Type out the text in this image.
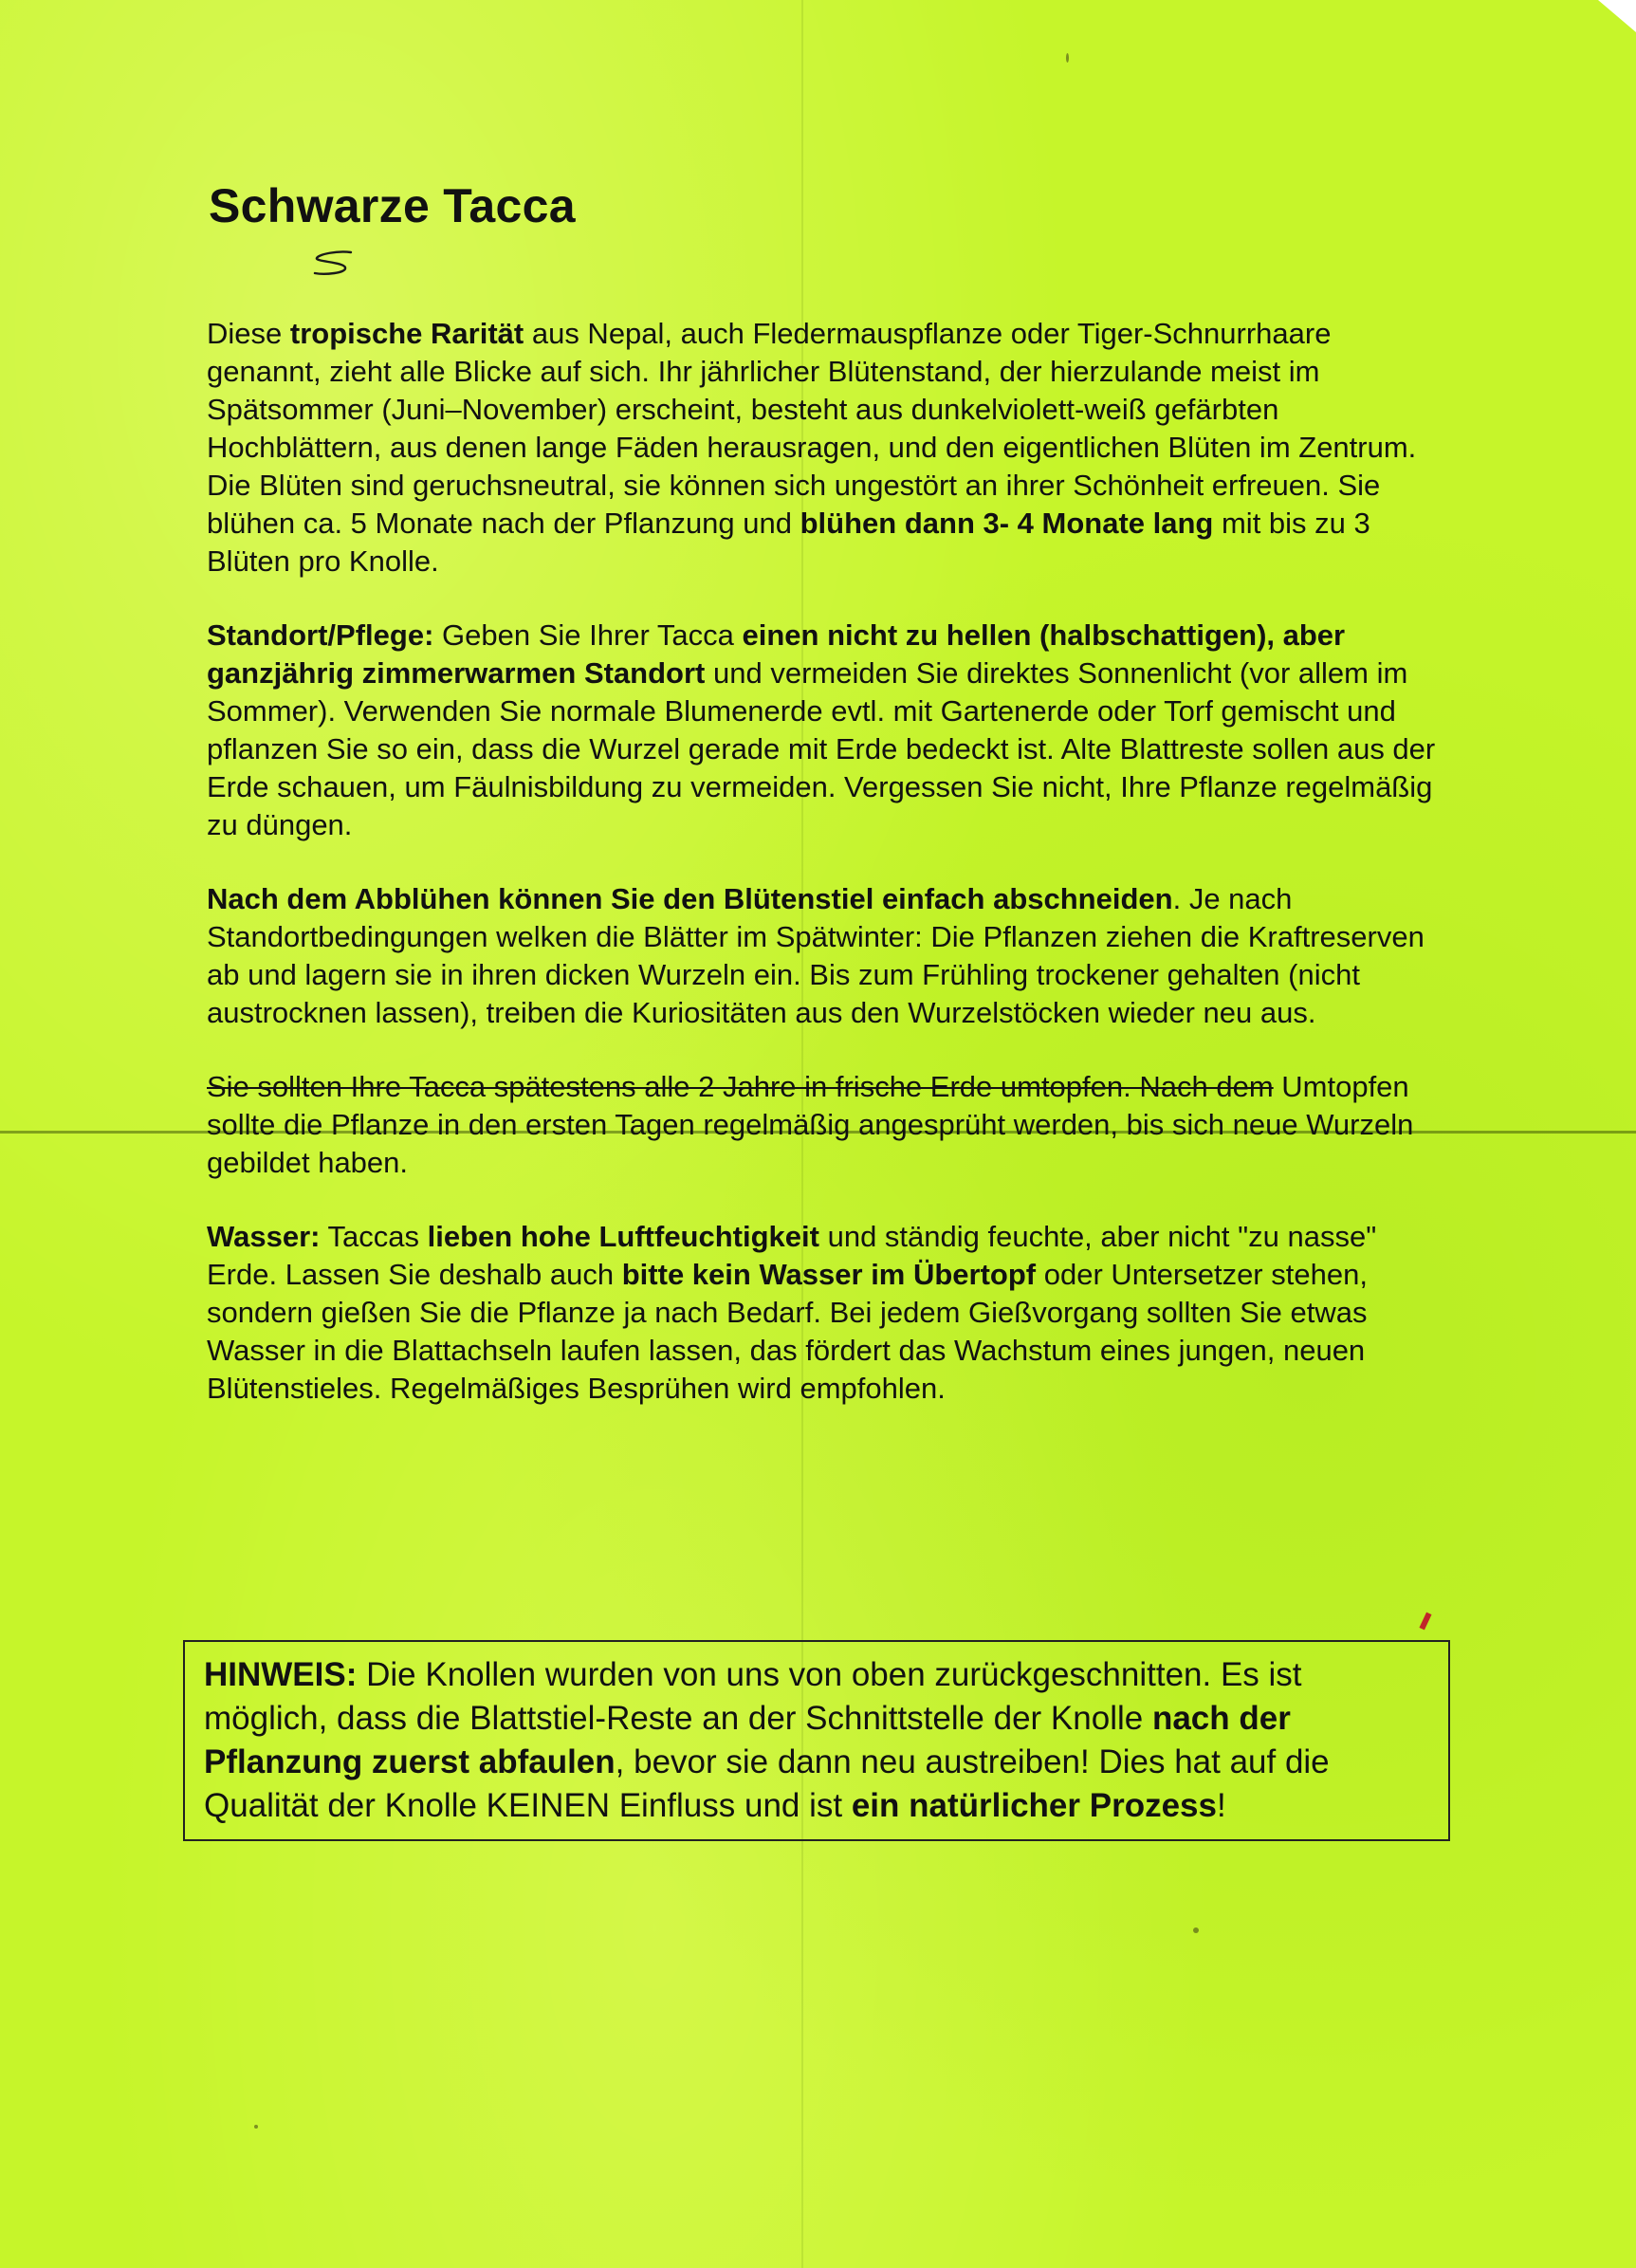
Schwarze Tacca

Diese tropische Rarität aus Nepal, auch Fledermauspflanze oder Tiger-Schnurrhaare genannt, zieht alle Blicke auf sich. Ihr jährlicher Blütenstand, der hierzulande meist im Spätsommer (Juni–November) erscheint, besteht aus dunkelviolett-weiß gefärbten Hochblättern, aus denen lange Fäden herausragen, und den eigentlichen Blüten im Zentrum. Die Blüten sind geruchsneutral, sie können sich ungestört an ihrer Schönheit erfreuen. Sie blühen ca. 5 Monate nach der Pflanzung und blühen dann 3- 4 Monate lang mit bis zu 3 Blüten pro Knolle.

Standort/Pflege: Geben Sie Ihrer Tacca einen nicht zu hellen (halbschattigen), aber ganzjährig zimmerwarmen Standort und vermeiden Sie direktes Sonnenlicht (vor allem im Sommer). Verwenden Sie normale Blumenerde evtl. mit Gartenerde oder Torf gemischt und pflanzen Sie so ein, dass die Wurzel gerade mit Erde bedeckt ist. Alte Blattreste sollen aus der Erde schauen, um Fäulnisbildung zu vermeiden. Vergessen Sie nicht, Ihre Pflanze regelmäßig zu düngen.

Nach dem Abblühen können Sie den Blütenstiel einfach abschneiden. Je nach Standortbedingungen welken die Blätter im Spätwinter: Die Pflanzen ziehen die Kraftreserven ab und lagern sie in ihren dicken Wurzeln ein. Bis zum Frühling trockener gehalten (nicht austrocknen lassen), treiben die Kuriositäten aus den Wurzelstöcken wieder neu aus.

Sie sollten Ihre Tacca spätestens alle 2 Jahre in frische Erde umtopfen. Nach dem Umtopfen sollte die Pflanze in den ersten Tagen regelmäßig angesprüht werden, bis sich neue Wurzeln gebildet haben.

Wasser: Taccas lieben hohe Luftfeuchtigkeit und ständig feuchte, aber nicht "zu nasse" Erde. Lassen Sie deshalb auch bitte kein Wasser im Übertopf oder Untersetzer stehen, sondern gießen Sie die Pflanze ja nach Bedarf. Bei jedem Gießvorgang sollten Sie etwas Wasser in die Blattachseln laufen lassen, das fördert das Wachstum eines jungen, neuen Blütenstieles. Regelmäßiges Besprühen wird empfohlen.

HINWEIS: Die Knollen wurden von uns von oben zurückgeschnitten. Es ist möglich, dass die Blattstiel-Reste an der Schnittstelle der Knolle nach der Pflanzung zuerst abfaulen, bevor sie dann neu austreiben! Dies hat auf die Qualität der Knolle KEINEN Einfluss und ist ein natürlicher Prozess!
